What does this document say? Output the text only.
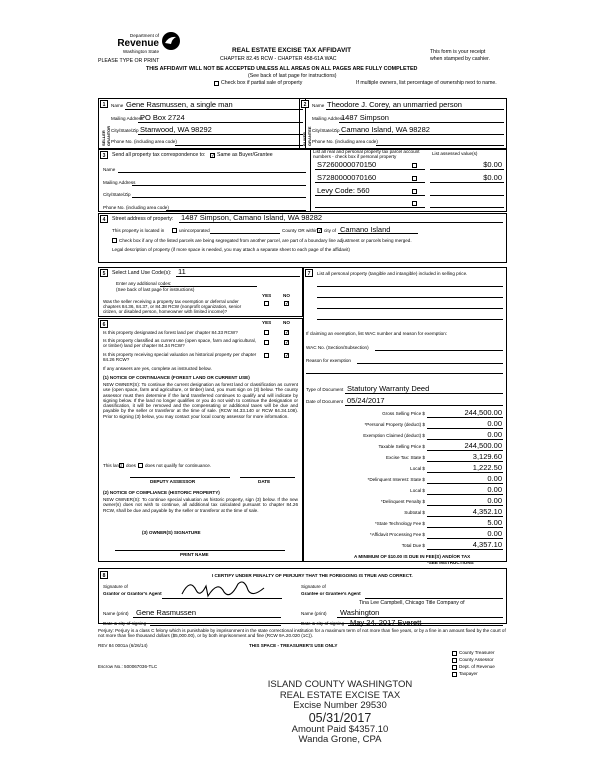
Department of
Revenue
Washington State
PLEASE TYPE OR PRINT
REAL ESTATE EXCISE TAX AFFIDAVIT
CHAPTER 82.45 RCW - CHAPTER 458-61A WAC
This form is your receipt
when stamped by cashier.
THIS AFFIDAVIT WILL NOT BE ACCEPTED UNLESS ALL AREAS ON ALL PAGES ARE FULLY COMPLETED
(See back of last page for instructions)
Check box if partial sale of property	If multiple owners, list percentage of ownership next to name.
1	2
SELLER GRANTOR	BUYER GRANTEE
Name Gene Rasmussen, a single man
Mailing Address
PO Box 2724
City/State/Zip Stanwood, WA 98292
Phone No. (including area code)
Name Theodore J. Corey, an unmarried person
Mailing Address
1487 Simpson
City/State/Zip Camano Island, WA 98282
Phone No. (including area code)
3	Send all property tax correspondence to: ✓ Same as Buyer/Grantee
List all real and personal property tax parcel account numbers - check box if personal property
List assessed value(s)
Name
Mailing Address
City/State/Zip
Phone No. (including area code)
S7260000070150	$0.00
S7280000070160	$0.00
Levy Code: 560
4	Street address of property: 1487 Simpson, Camano Island, WA 98282
This property is located in	unincorporated	County OR within ✓ city of Camano Island
Check box if any of the listed parcels are being segregated from another parcel, are part of a boundary line adjustment or parcels being merged.
Legal description of property (if more space is needed, you may attach a separate sheet to each page of the affidavit)
5	Select Land Use Code(s): 11
Enter any additional codes:
(See back of last page for instructions)
YES	NO
Was the seller receiving a property tax exemption or deferral under chapters 84.36, 84.37, or 84.38 RCW (nonprofit organization, senior citizen, or disabled person, homeowner with limited income)?
✓
6	YES	NO
Is this property designated as forest land per chapter 84.33 RCW?	✓
Is this property classified as current use (open space, farm and agricultural, or timber) land per chapter 84.34 RCW?	✓
Is this property receiving special valuation as historical property per chapter 84.26 RCW?
✓
If any answers are yes, complete as instructed below.
(1) NOTICE OF CONTINUANCE (FOREST LAND OR CURRENT USE)
NEW OWNER(S): To continue the current designation as forest land or classification as current use (open space, farm and agriculture, or timber) land, you must sign on (3) below. The county assessor must then determine if the land transferred continues to qualify and will indicate by signing below. If the land no longer qualifies or you do not wish to continue the designation or classification, it will be removed and the compensating or additional taxes will be due and payable by the seller or transferor at the time of sale. (RCW 84.33.140 or RCW 84.34.108). Prior to signing (3) below, you may contact your local county assessor for more information.
This land does does not qualify for continuance.
DEPUTY ASSESSOR	DATE
(2) NOTICE OF COMPLIANCE (HISTORIC PROPERTY)
NEW OWNER(S): To continue special valuation as historic property, sign (3) below. If the new owner(s) does not wish to continue, all additional tax calculated pursuant to chapter 84.26 RCW, shall be due and payable by the seller or transferor at the time of sale.
(3) OWNER(S) SIGNATURE
PRINT NAME
7	List all personal property (tangible and intangible) included in selling price.
If claiming an exemption, list WAC number and reason for exemption:
WAC No. (Section/Subsection)
Reason for exemption
Type of Document Statutory Warranty Deed
Date of Document 05/24/2017
A MINIMUM OF $10.00 IS DUE IN FEE(S) AND/OR TAX
*SEE INSTRUCTIONS
8	I CERTIFY UNDER PENALTY OF PERJURY THAT THE FOREGOING IS TRUE AND CORRECT.
Signature of
Grantor or Grantor's Agent
Signature of
Grantee or Grantee's Agent
Tina Lee Campbell, Chicago Title Company of
Name (print) Gene Rasmussen	Name (print) Washington
Date & city of signing	Date & city of signing May 24, 2017 Everett
Perjury: Perjury is a class C felony which is punishable by imprisonment in the state correctional institution for a maximum term of not more than five years, or by a fine in an amount fixed by the court of not more than five thousand dollars ($5,000.00), or by both imprisonment and fine (RCW 9A.20.020 (1C)).
REV 84 0001a (6/26/14)	THIS SPACE - TREASURER'S USE ONLY
Escrow No.: 500067036-TLC
ISLAND COUNTY WASHINGTON
REAL ESTATE EXCISE TAX
Excise Number 29530
05/31/2017
Amount Paid $4357.10
Wanda Grone, CPA
Gross Selling Price $	244,500.00
*Personal Property (deduct) $	0.00
Exemption Claimed (deduct) $	0.00
Taxable Selling Price $	244,500.00
Excise Tax: State $	3,129.60
Local $	1,222.50
*Delinquent Interest: State $	0.00
Local $	0.00
*Delinquent Penalty $	0.00
Subtotal $	4,352.10
*State Technology Fee $	5.00
*Affidavit Processing Fee $	0.00
Total Due $	4,357.10
County Treasurer
County Assessor
Dept. of Revenue
Taxpayer
